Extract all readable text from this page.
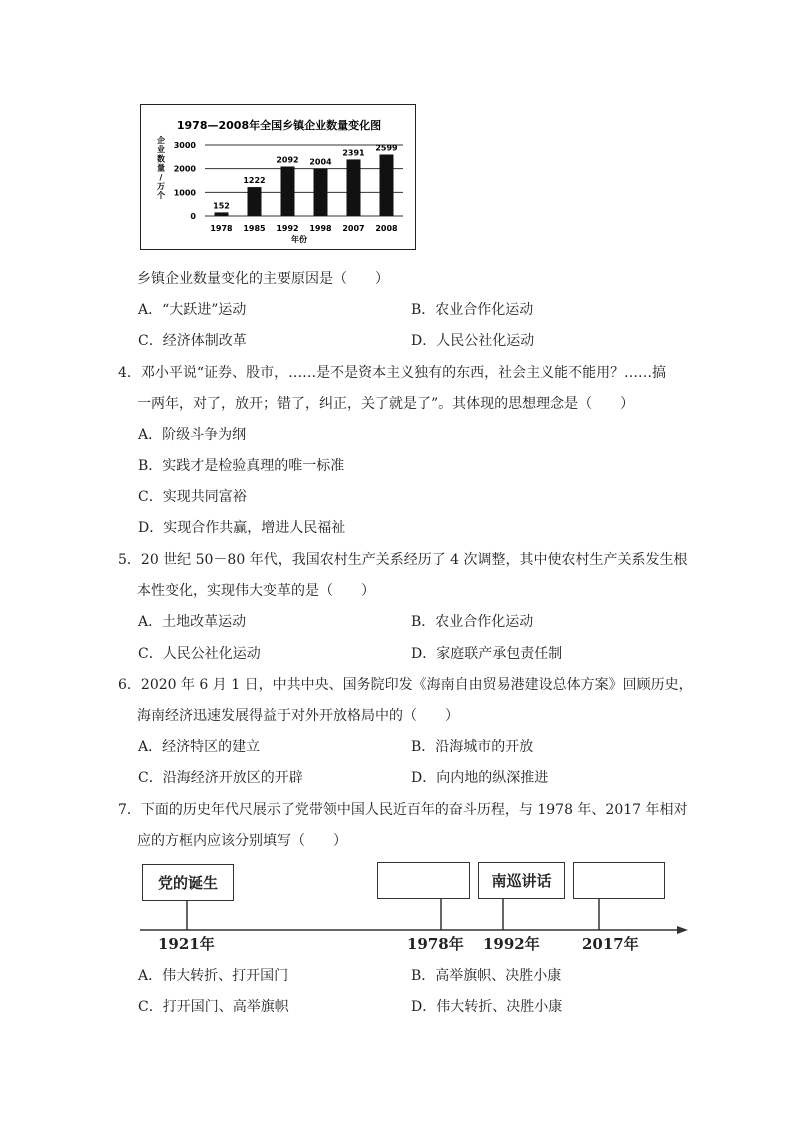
1978—2008年全国乡镇企业数量变化图
企
业
数
量
/
万
个
年份
3000
2000
1000
0
152
1978
1222
1985
2092
1992
2004
1998
2391
2007
2599
2008
乡镇企业数量变化的主要原因是（　　）
A．“大跃进”运动	B．农业合作化运动
C．经济体制改革	D．人民公社化运动
4．邓小平说“证券、股市，……是不是资本主义独有的东西，社会主义能不能用？……搞
一两年，对了，放开；错了，纠正，关了就是了”。其体现的思想理念是（　　）
A．阶级斗争为纲
B．实践才是检验真理的唯一标准
C．实现共同富裕
D．实现合作共赢，增进人民福祉
5．20 世纪 50－80 年代，我国农村生产关系经历了 4 次调整，其中使农村生产关系发生根
本性变化，实现伟大变革的是（　　）
A．土地改革运动	B．农业合作化运动
C．人民公社化运动	D．家庭联产承包责任制
6．2020 年 6 月 1 日，中共中央、国务院印发《海南自由贸易港建设总体方案》回顾历史，
海南经济迅速发展得益于对外开放格局中的（　　）
A．经济特区的建立	B．沿海城市的开放
C．沿海经济开放区的开辟	D．向内地的纵深推进
7．下面的历史年代尺展示了党带领中国人民近百年的奋斗历程，与 1978 年、2017 年相对
应的方框内应该分别填写（　　）
党的诞生	南巡讲话
1921年	1978年 1992年	2017年
A．伟大转折、打开国门	B．高举旗帜、决胜小康
C．打开国门、高举旗帜	D．伟大转折、决胜小康
